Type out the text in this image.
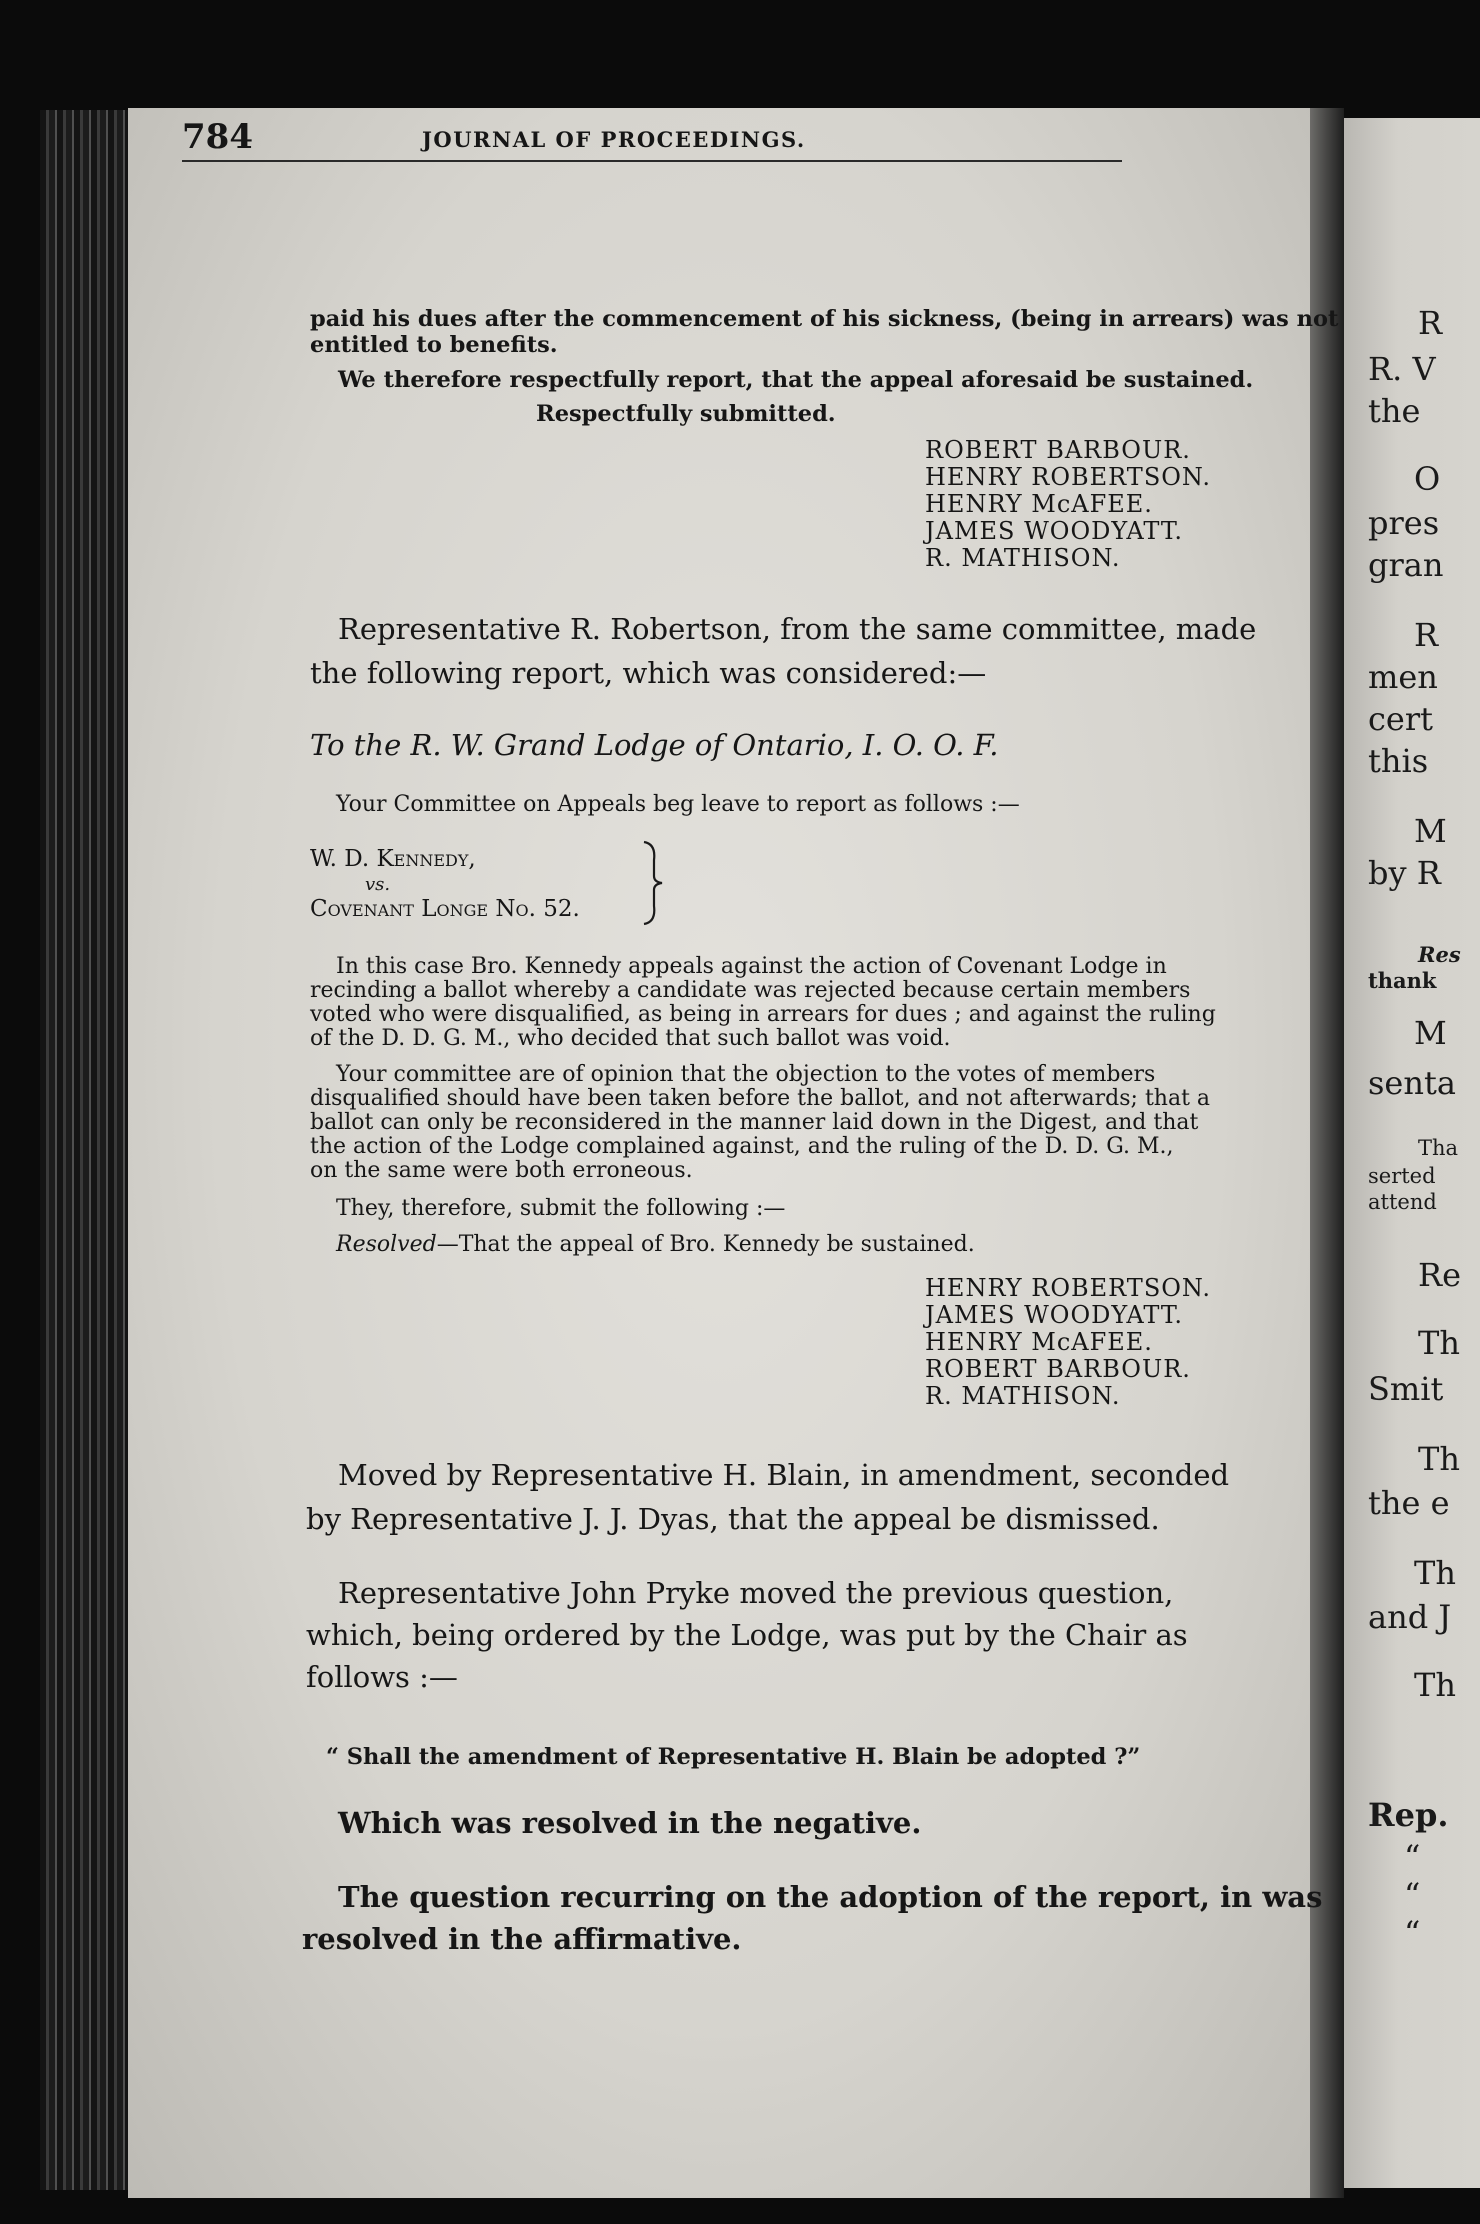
R
R. V
the
O
pres
gran
R
men
cert
this
M
by R
Res
thank
M
senta
Tha
serted
attend
Re
Th
Smit
Th
the e
Th
and J
Th
Rep.
“
“
“
784	JOURNAL OF PROCEEDINGS.
paid his dues after the commencement of his sickness, (being in arrears) was not
entitled to benefits.
We therefore respectfully report, that the appeal aforesaid be sustained.
Respectfully submitted.
ROBERT BARBOUR.
HENRY ROBERTSON.
HENRY McAFEE.
JAMES WOODYATT.
R. MATHISON.
Representative R. Robertson, from the same committee, made
the following report, which was considered:—
To the R. W. Grand Lodge of Ontario, I. O. O. F.
Your Committee on Appeals beg leave to report as follows :—
W. D. Kennedy,
vs.
Covenant Longe No. 52.
In this case Bro. Kennedy appeals against the action of Covenant Lodge in
recinding a ballot whereby a candidate was rejected because certain members
voted who were disqualified, as being in arrears for dues ; and against the ruling
of the D. D. G. M., who decided that such ballot was void.
Your committee are of opinion that the objection to the votes of members
disqualified should have been taken before the ballot, and not afterwards; that a
ballot can only be reconsidered in the manner laid down in the Digest, and that
the action of the Lodge complained against, and the ruling of the D. D. G. M.,
on the same were both erroneous.
They, therefore, submit the following :—
Resolved—That the appeal of Bro. Kennedy be sustained.
HENRY ROBERTSON.
JAMES WOODYATT.
HENRY McAFEE.
ROBERT BARBOUR.
R. MATHISON.
Moved by Representative H. Blain, in amendment, seconded
by Representative J. J. Dyas, that the appeal be dismissed.
Representative John Pryke moved the previous question,
which, being ordered by the Lodge, was put by the Chair as
follows :—
“ Shall the amendment of Representative H. Blain be adopted ?”
Which was resolved in the negative.
The question recurring on the adoption of the report, in was
resolved in the affirmative.
